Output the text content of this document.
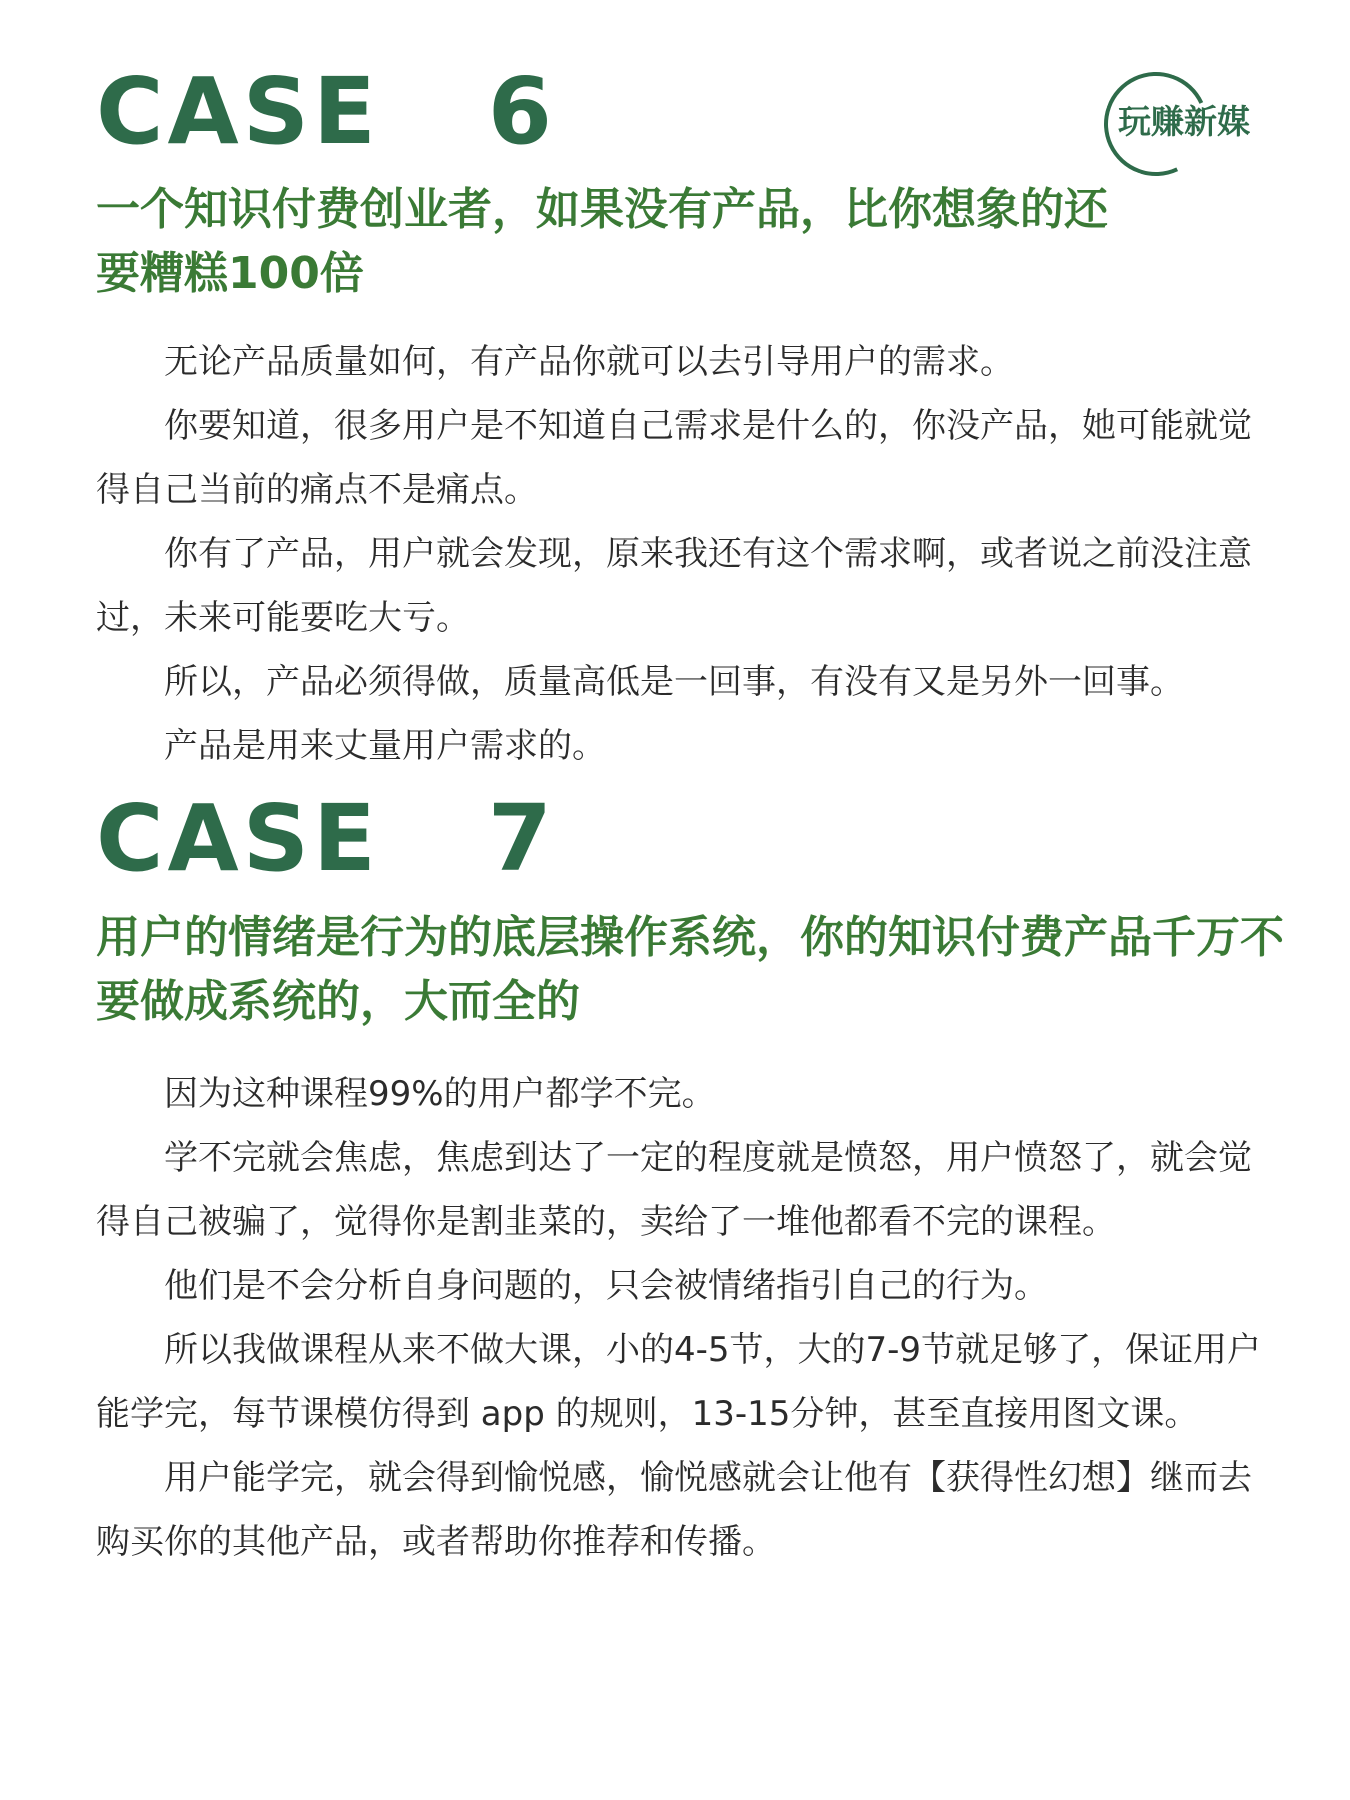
玩赚新媒
CASE   6
一个知识付费创业者，如果没有产品，比你想象的还要糟糕100倍

无论产品质量如何，有产品你就可以去引导用户的需求。

你要知道，很多用户是不知道自己需求是什么的，你没产品，她可能就觉得自己当前的痛点不是痛点。

你有了产品，用户就会发现，原来我还有这个需求啊，或者说之前没注意过，未来可能要吃大亏。

所以，产品必须得做，质量高低是一回事，有没有又是另外一回事。

产品是用来丈量用户需求的。

CASE   7
用户的情绪是行为的底层操作系统，你的知识付费产品千万不要做成系统的，大而全的

因为这种课程99%的用户都学不完。

学不完就会焦虑，焦虑到达了一定的程度就是愤怒，用户愤怒了，就会觉得自己被骗了，觉得你是割韭菜的，卖给了一堆他都看不完的课程。

他们是不会分析自身问题的，只会被情绪指引自己的行为。

所以我做课程从来不做大课，小的4-5节，大的7-9节就足够了，保证用户能学完，每节课模仿得到 app 的规则，13-15分钟，甚至直接用图文课。

用户能学完，就会得到愉悦感，愉悦感就会让他有【获得性幻想】继而去购买你的其他产品，或者帮助你推荐和传播。
